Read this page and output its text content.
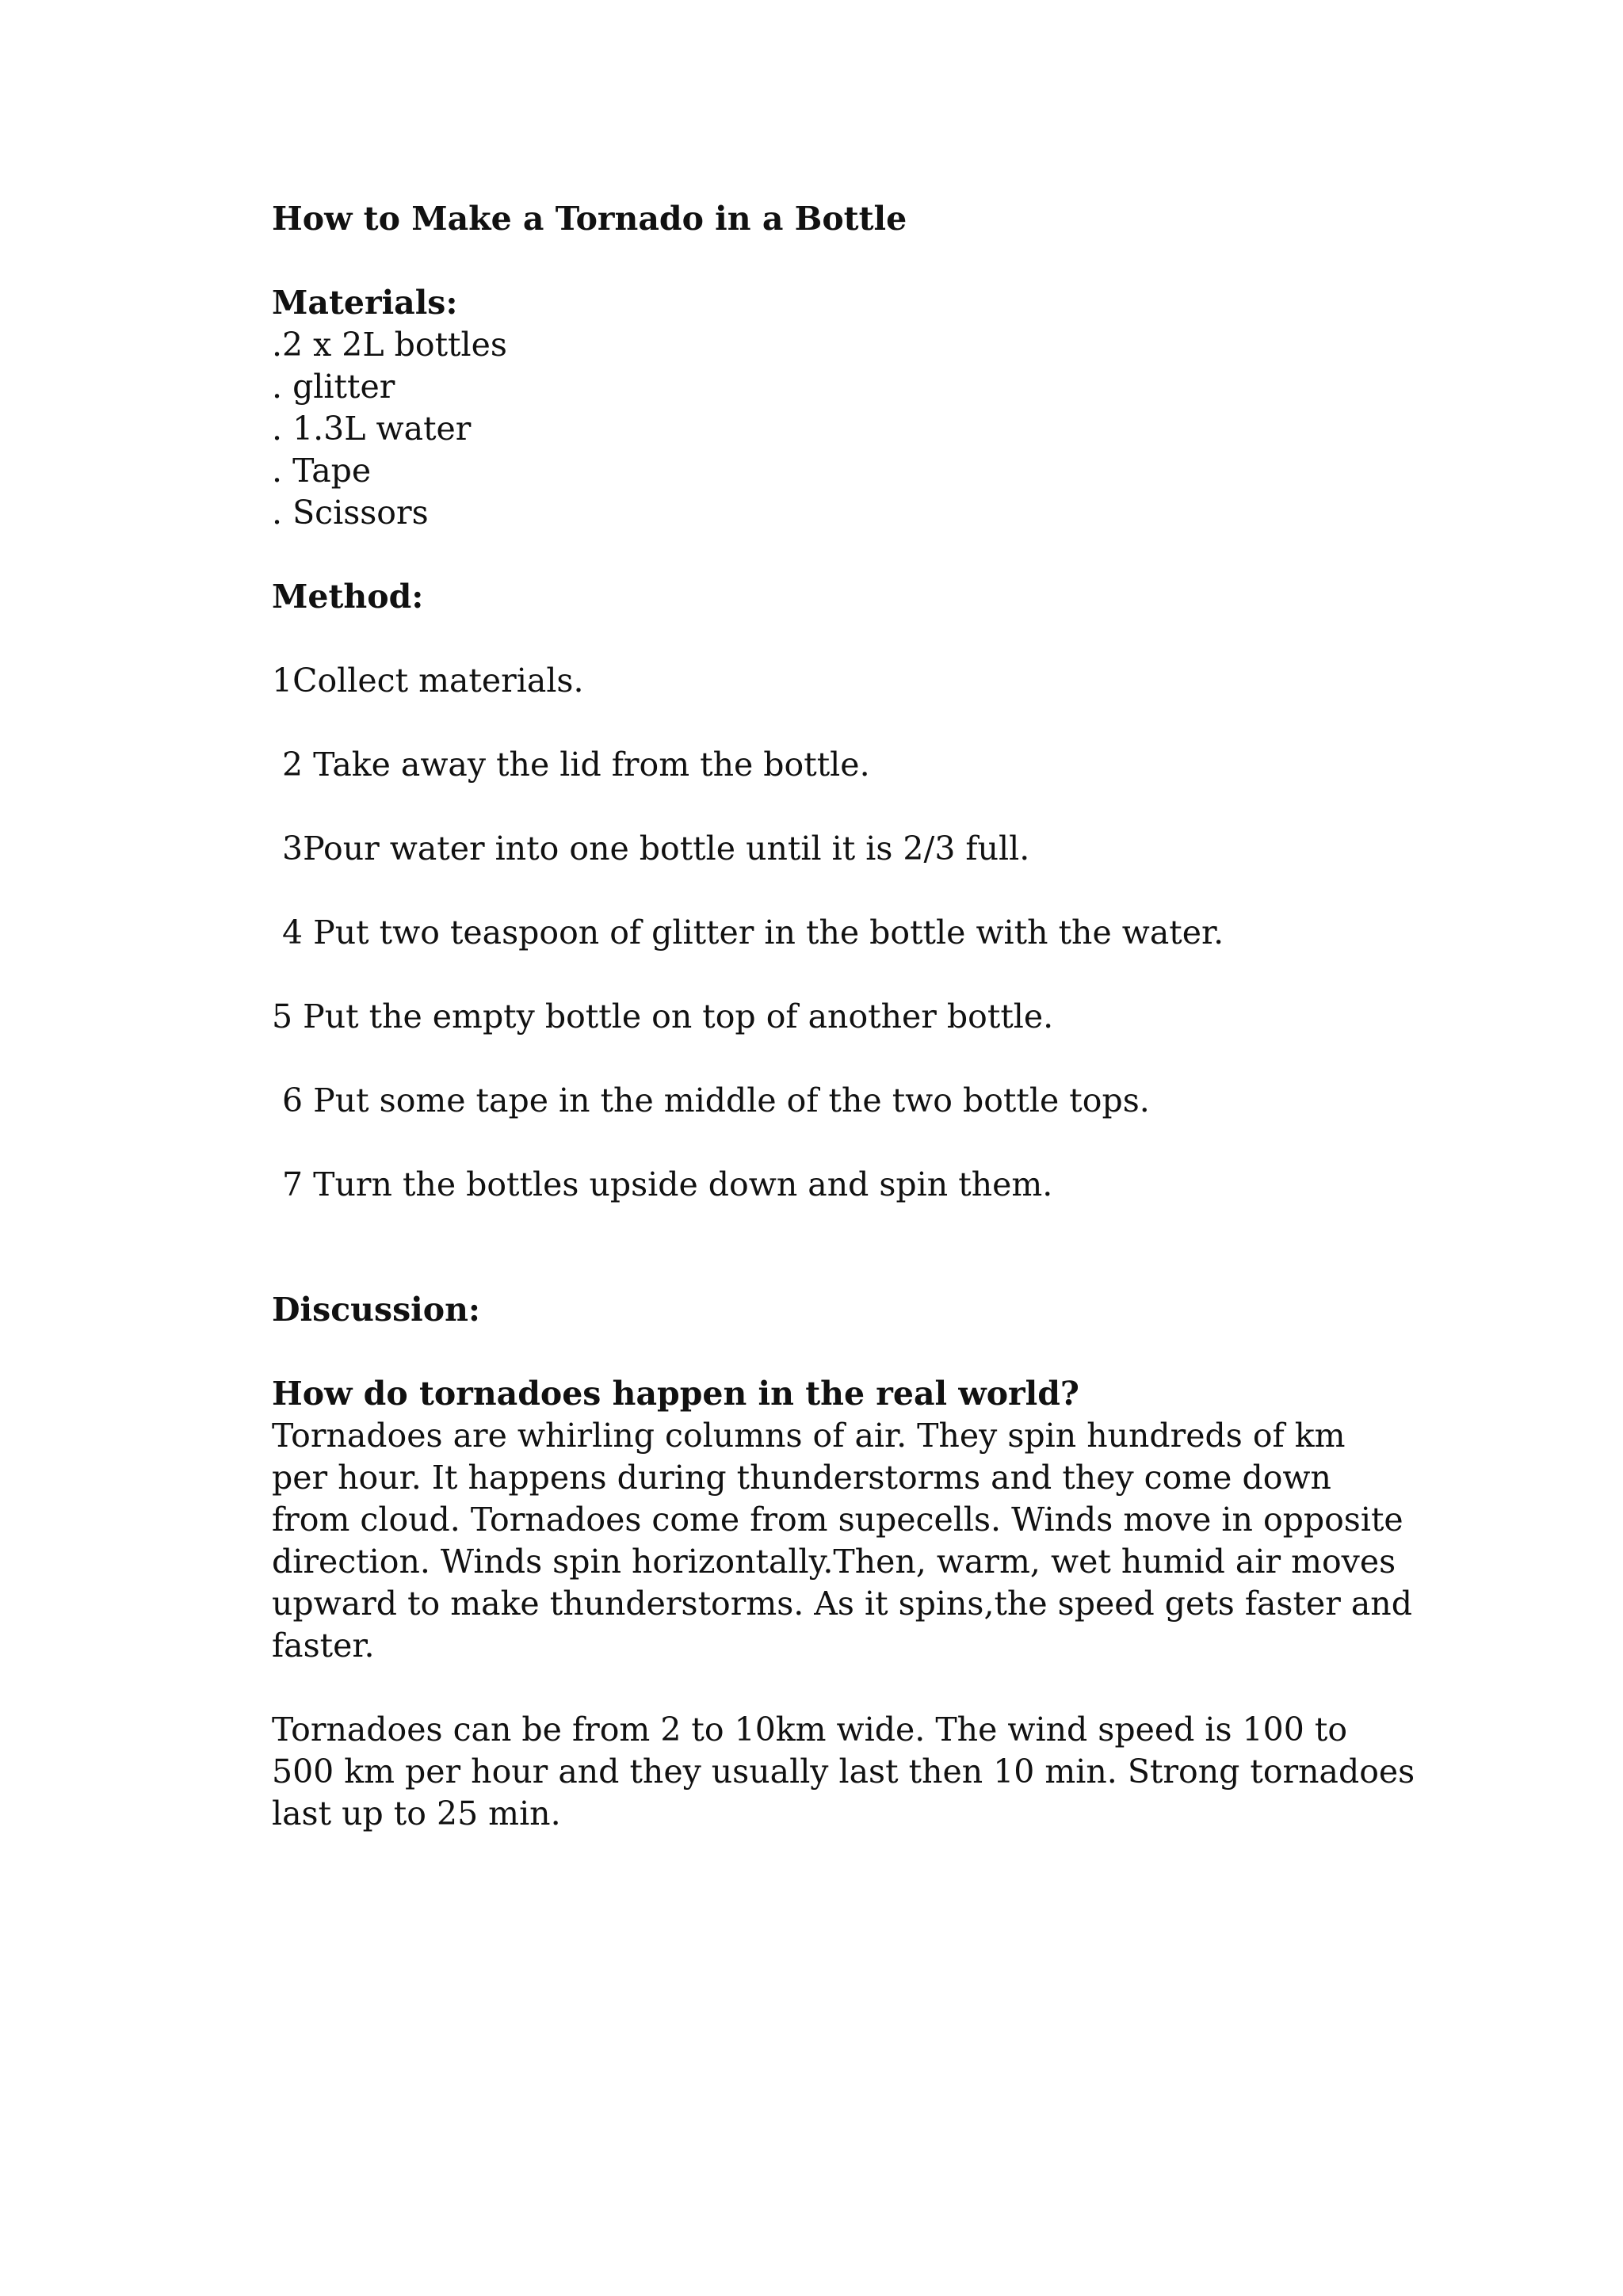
How to Make a Tornado in a Bottle

Materials:

.2 x 2L bottles

. glitter

. 1.3L water

. Tape

. Scissors

Method:

1Collect materials.

2 Take away the lid from the bottle.

3Pour water into one bottle until it is 2/3 full.

4 Put two teaspoon of glitter in the bottle with the water.

5 Put the empty bottle on top of another bottle.

6 Put some tape in the middle of the two bottle tops.

7 Turn the bottles upside down and spin them.

Discussion:

How do tornadoes happen in the real world?

Tornadoes are whirling columns of air. They spin hundreds of km

per hour. It happens during thunderstorms and they come down

from cloud. Tornadoes come from supecells. Winds move in opposite

direction. Winds spin horizontally.Then, warm, wet humid air moves

upward to make thunderstorms. As it spins,the speed gets faster and

faster.

Tornadoes can be from 2 to 10km wide. The wind speed is 100 to

500 km per hour and they usually last then 10 min. Strong tornadoes

last up to 25 min.
